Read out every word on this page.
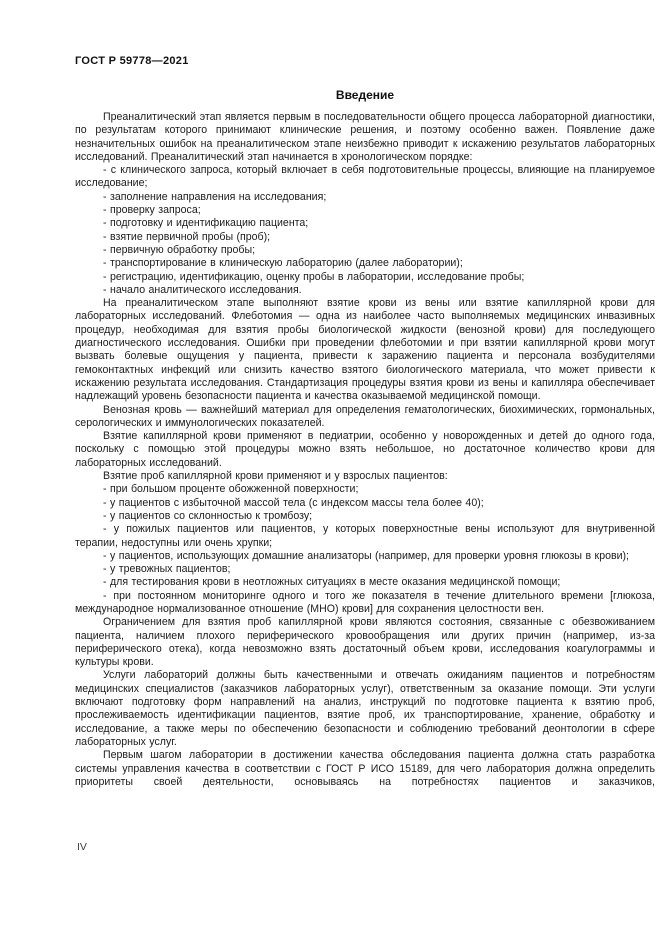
ГОСТ Р 59778—2021
Введение

Преаналитический этап является первым в последовательности общего процесса лабораторной диагностики, по результатам которого принимают клинические решения, и поэтому особенно важен. Появление даже незначительных ошибок на преаналитическом этапе неизбежно приводит к искажению результатов лабораторных исследований. Преаналитический этап начинается в хронологическом порядке:

- с клинического запроса, который включает в себя подготовительные процессы, влияющие на планируемое исследование;

- заполнение направления на исследования;

- проверку запроса;

- подготовку и идентификацию пациента;

- взятие первичной пробы (проб);

- первичную обработку пробы;

- транспортирование в клиническую лабораторию (далее лаборатории);

- регистрацию, идентификацию, оценку пробы в лаборатории, исследование пробы;

- начало аналитического исследования.

На преаналитическом этапе выполняют взятие крови из вены или взятие капиллярной крови для лабораторных исследований. Флеботомия — одна из наиболее часто выполняемых медицинских инвазивных процедур, необходимая для взятия пробы биологической жидкости (венозной крови) для последующего диагностического исследования. Ошибки при проведении флеботомии и при взятии капиллярной крови могут вызвать болевые ощущения у пациента, привести к заражению пациента и персонала возбудителями гемоконтактных инфекций или снизить качество взятого биологического материала, что может привести к искажению результата исследования. Стандартизация процедуры взятия крови из вены и капилляра обеспечивает надлежащий уровень безопасности пациента и качества оказываемой медицинской помощи.

Венозная кровь — важнейший материал для определения гематологических, биохимических, гормональных, серологических и иммунологических показателей.

Взятие капиллярной крови применяют в педиатрии, особенно у новорожденных и детей до одного года, поскольку с помощью этой процедуры можно взять небольшое, но достаточное количество крови для лабораторных исследований.

Взятие проб капиллярной крови применяют и у взрослых пациентов:

- при большом проценте обожженной поверхности;

- у пациентов с избыточной массой тела (с индексом массы тела более 40);

- у пациентов со склонностью к тромбозу;

- у пожилых пациентов или пациентов, у которых поверхностные вены используют для внутривенной терапии, недоступны или очень хрупки;

- у пациентов, использующих домашние анализаторы (например, для проверки уровня глюкозы в крови);

- у тревожных пациентов;

- для тестирования крови в неотложных ситуациях в месте оказания медицинской помощи;

- при постоянном мониторинге одного и того же показателя в течение длительного времени [глюкоза, международное нормализованное отношение (МНО) крови] для сохранения целостности вен.

Ограничением для взятия проб капиллярной крови являются состояния, связанные с обезвоживанием пациента, наличием плохого периферического кровообращения или других причин (например, из-за периферического отека), когда невозможно взять достаточный объем крови, исследования коагулограммы и культуры крови.

Услуги лабораторий должны быть качественными и отвечать ожиданиям пациентов и потребностям медицинских специалистов (заказчиков лабораторных услуг), ответственным за оказание помощи. Эти услуги включают подготовку форм направлений на анализ, инструкций по подготовке пациента к взятию проб, прослеживаемость идентификации пациентов, взятие проб, их транспортирование, хранение, обработку и исследование, а также меры по обеспечению безопасности и соблюдению требований деонтологии в сфере лабораторных услуг.

Первым шагом лаборатории в достижении качества обследования пациента должна стать разработка системы управления качества в соответствии с ГОСТ Р ИСО 15189, для чего лаборатория должна определить приоритеты своей деятельности, основываясь на потребностях пациентов и заказчиков,

IV
